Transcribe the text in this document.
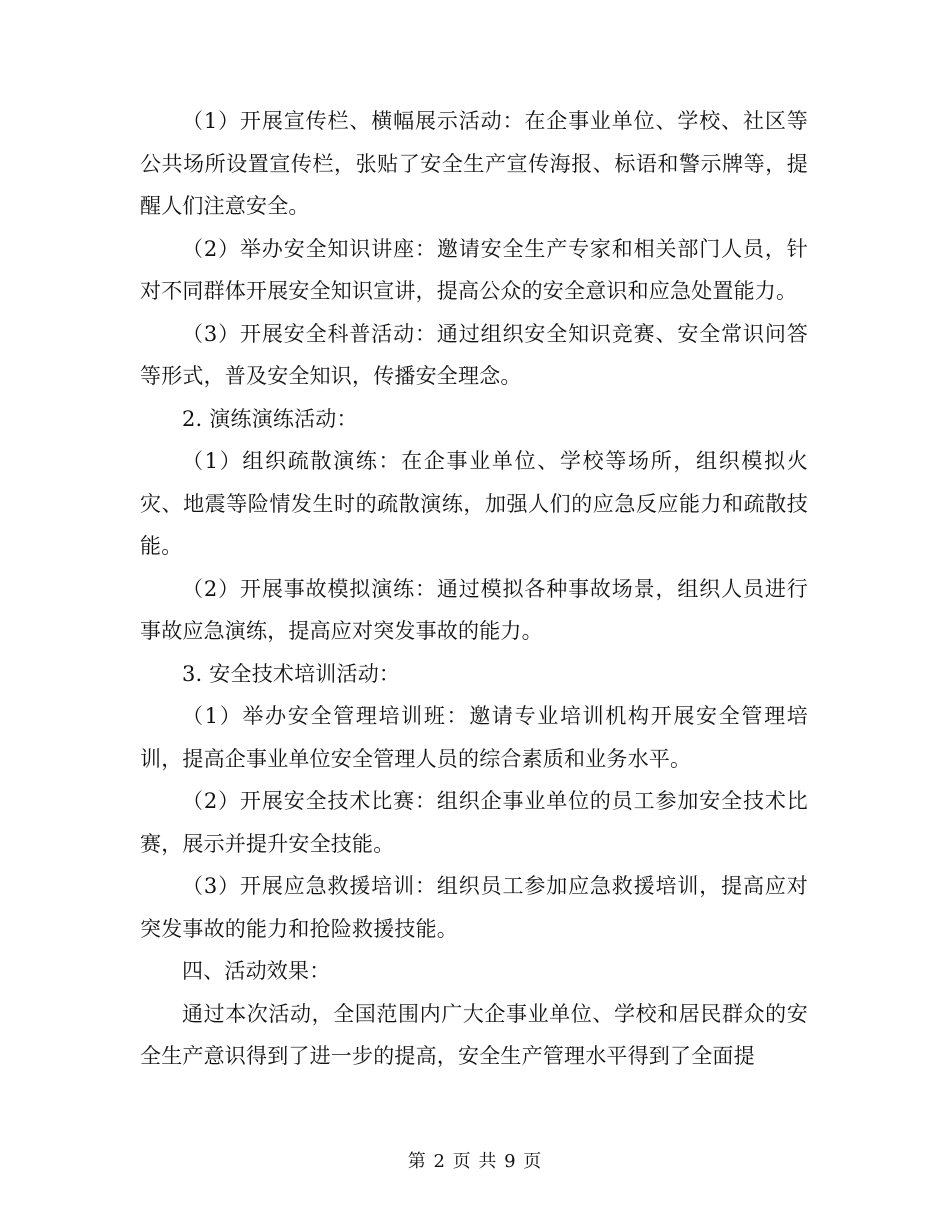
（1）开展宣传栏、横幅展示活动：在企事业单位、学校、社区等公共场所设置宣传栏，张贴了安全生产宣传海报、标语和警示牌等，提醒人们注意安全。

（2）举办安全知识讲座：邀请安全生产专家和相关部门人员，针对不同群体开展安全知识宣讲，提高公众的安全意识和应急处置能力。

（3）开展安全科普活动：通过组织安全知识竞赛、安全常识问答等形式，普及安全知识，传播安全理念。

2. 演练演练活动：

（1）组织疏散演练：在企事业单位、学校等场所，组织模拟火灾、地震等险情发生时的疏散演练，加强人们的应急反应能力和疏散技能。

（2）开展事故模拟演练：通过模拟各种事故场景，组织人员进行事故应急演练，提高应对突发事故的能力。

3. 安全技术培训活动：

（1）举办安全管理培训班：邀请专业培训机构开展安全管理培训，提高企事业单位安全管理人员的综合素质和业务水平。

（2）开展安全技术比赛：组织企事业单位的员工参加安全技术比赛，展示并提升安全技能。

（3）开展应急救援培训：组织员工参加应急救援培训，提高应对突发事故的能力和抢险救援技能。

四、活动效果：

通过本次活动，全国范围内广大企事业单位、学校和居民群众的安全生产意识得到了进一步的提高，安全生产管理水平得到了全面提

第 2 页 共 9 页
